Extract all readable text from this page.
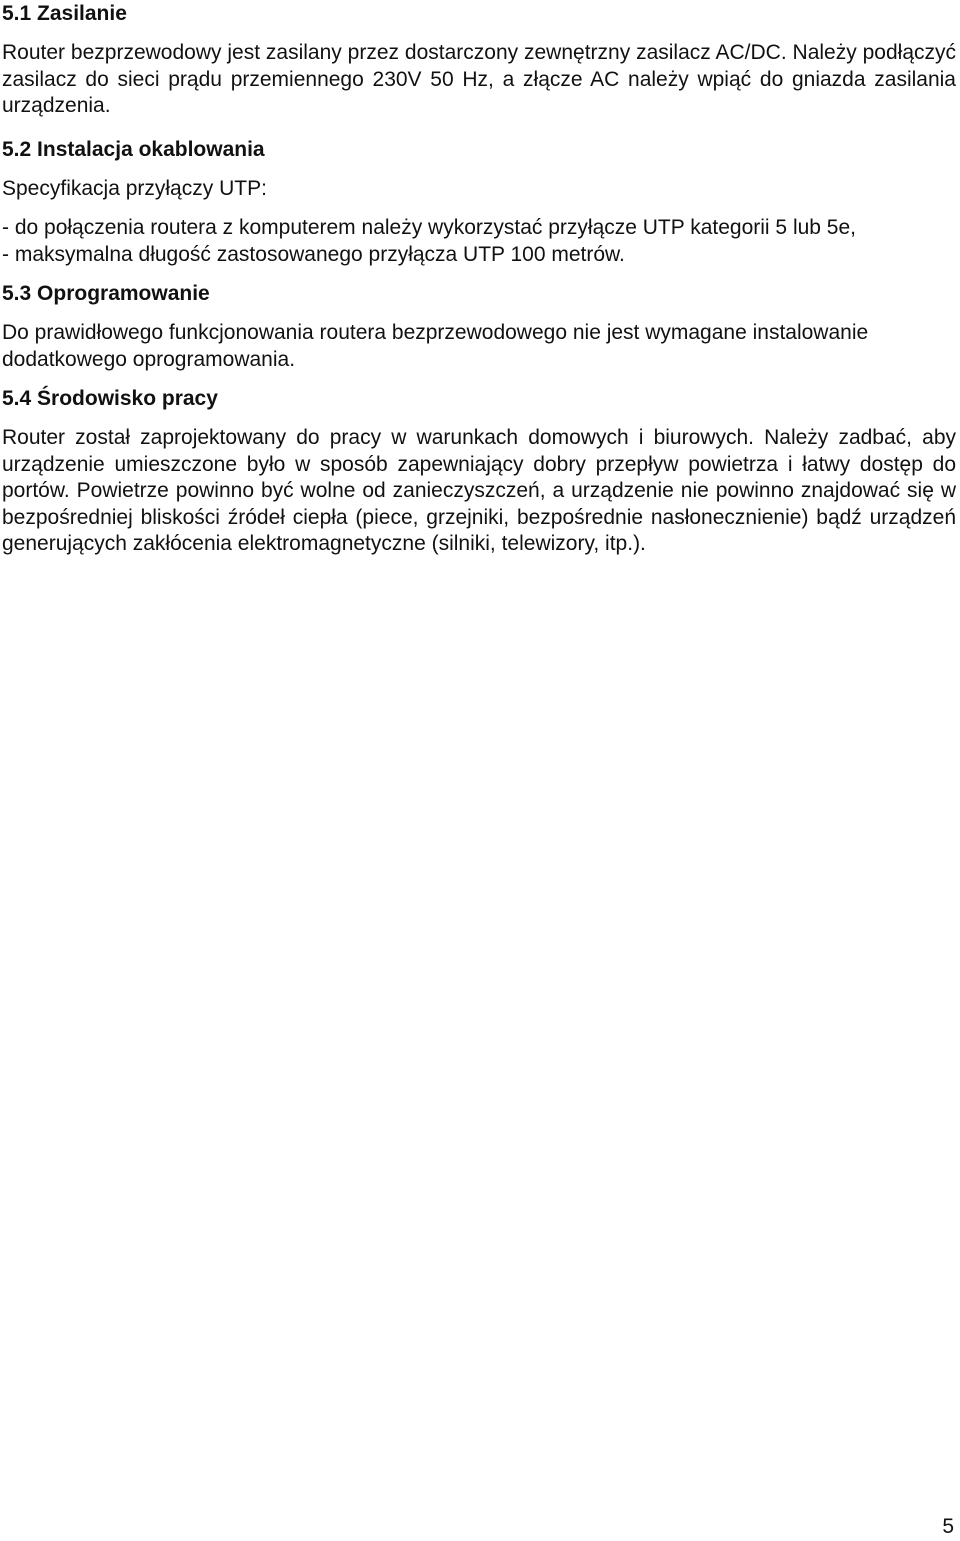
5.1 Zasilanie

Router bezprzewodowy jest zasilany przez dostarczony zewnętrzny zasilacz AC/DC. Należy podłączyć zasilacz do sieci prądu przemiennego 230V 50 Hz, a złącze AC należy wpiąć do gniazda zasilania urządzenia.

5.2 Instalacja okablowania

Specyfikacja przyłączy UTP:

- do połączenia routera z komputerem należy wykorzystać przyłącze UTP kategorii 5 lub 5e,

- maksymalna długość zastosowanego przyłącza UTP 100 metrów.

5.3 Oprogramowanie

Do prawidłowego funkcjonowania routera bezprzewodowego nie jest wymagane instalowanie dodatkowego oprogramowania.

5.4 Środowisko pracy

Router został zaprojektowany do pracy w warunkach domowych i biurowych. Należy zadbać, aby urządzenie umieszczone było w sposób zapewniający dobry przepływ powietrza i łatwy dostęp do portów. Powietrze powinno być wolne od zanieczyszczeń, a urządzenie nie powinno znajdować się w bezpośredniej bliskości źródeł ciepła (piece, grzejniki, bezpośrednie nasłonecznienie) bądź urządzeń generujących zakłócenia elektromagnetyczne (silniki, telewizory, itp.).

5
